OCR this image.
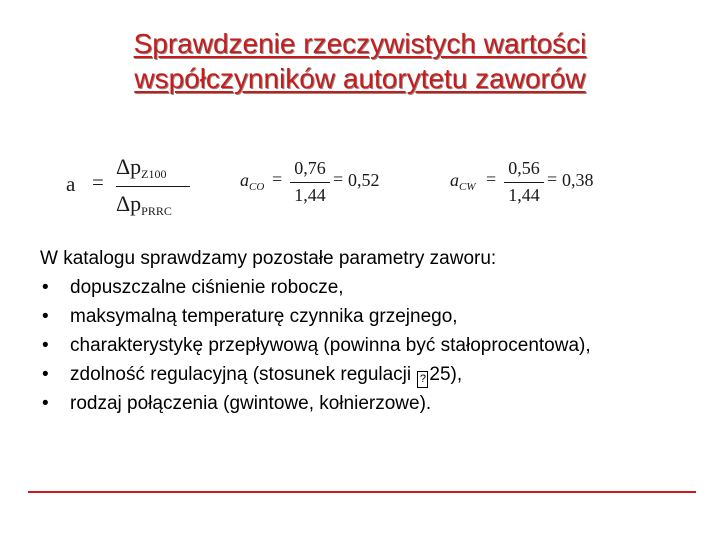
Sprawdzenie rzeczywistych wartości
współczynników autorytetu zaworów
a =
ΔpZ100
ΔpPRRC
$a_{CO}$ =
0,76
1,44
= 0,52	$a_{CW}$ =
0,56
1,44
= 0,38
W katalogu sprawdzamy pozostałe parametry zaworu:
• dopuszczalne ciśnienie robocze,
• maksymalną temperaturę czynnika grzejnego,
• charakterystykę przepływową (powinna być stałoprocentowa),
• zdolność regulacyjną (stosunek regulacji ? 25),
• rodzaj połączenia (gwintowe, kołnierzowe).
